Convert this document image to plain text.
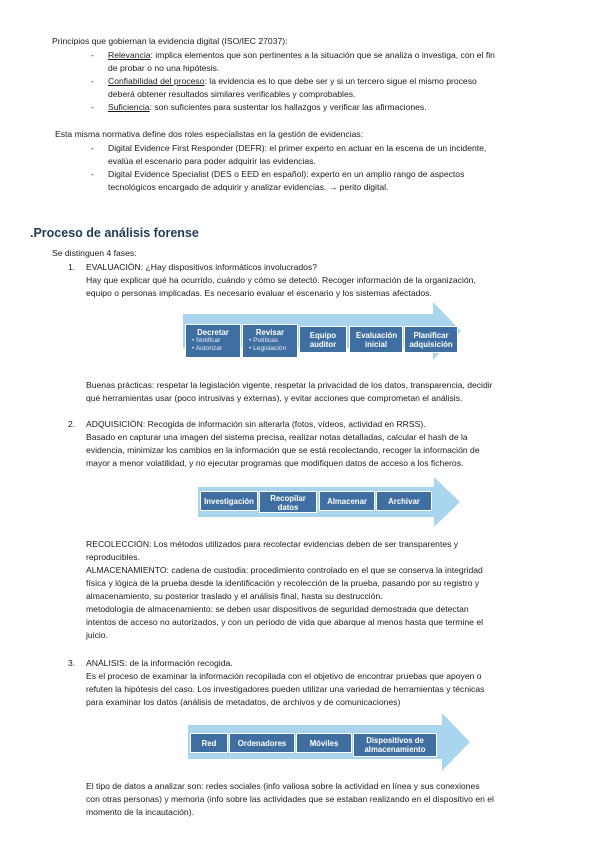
Principios que gobiernan la evidencia digital (ISO/IEC 27037):
- Relevancia: implica elementos que son pertinentes a la situación que se analiza o investiga, con el fin
de probar o no una hipótesis.
- Confiabilidad del proceso: la evidencia es lo que debe ser y si un tercero sigue el mismo proceso
deberá obtener resultados similares verificables y comprobables.
- Suficiencia: son suficientes para sustentar los hallazgos y verificar las afirmaciones.
Esta misma normativa define dos roles especialistas en la gestión de evidencias:
- Digital Evidence First Responder (DEFR): el primer experto en actuar en la escena de un incidente,
evalúa el escenario para poder adquirir las evidencias.
- Digital Evidence Specialist (DES o EED en español): experto en un amplio rango de aspectos
tecnológicos encargado de adquirir y analizar evidencias. → perito digital.
.Proceso de análisis forense
Se distinguen 4 fases:
1. EVALUACIÓN: ¿Hay dispositivos informáticos involucrados?
Hay que explicar qué ha ocurrido, cuándo y cómo se detectó. Recoger información de la organización,
equipo o personas implicadas. Es necesario evaluar el escenario y los sistemas afectados.
Decretar
• Notificar
• Autorizar
Revisar
• Políticas
• Legislación
Equipo auditor
Evaluación inicial
Planificar adquisición
Buenas prácticas: respetar la legislación vigente, respetar la privacidad de los datos, transparencia, decidir
qué herramientas usar (poco intrusivas y externas), y evitar acciones que comprometan el análisis.
2. ADQUISICIÓN: Recogida de información sin alterarla (fotos, vídeos, actividad en RRSS).
Basado en capturar una imagen del sistema precisa, realizar notas detalladas, calcular el hash de la
evidencia, minimizar los cambios en la información que se está recolectando, recoger la información de
mayor a menor volatilidad, y no ejecutar programas que modifiquen datos de acceso a los ficheros.
Investigación	Recopilar datos
Almacenar	Archivar
RECOLECCIÓN: Los métodos utilizados para recolectar evidencias deben de ser transparentes y
reproducibles.
ALMACENAMIENTO: cadena de custodia: procedimiento controlado en el que se conserva la integridad
física y lógica de la prueba desde la identificación y recolección de la prueba, pasando por su registro y
almacenamiento, su posterior traslado y el análisis final, hasta su destrucción.
metodología de almacenamiento: se deben usar dispositivos de seguridad demostrada que detectan
intentos de acceso no autorizados, y con un periodo de vida que abarque al menos hasta que termine el
juicio.
3. ANÁLISIS: de la información recogida.
Es el proceso de examinar la información recopilada con el objetivo de encontrar pruebas que apoyen o
refuten la hipótesis del caso. Los investigadores pueden utilizar una variedad de herramientas y técnicas
para examinar los datos (análisis de metadatos, de archivos y de comunicaciones)
Red	Ordenadores	Móviles	Dispositivos de almacenamiento
El tipo de datos a analizar son: redes sociales (info valiosa sobre la actividad en línea y sus conexiones
con otras personas) y memoria (info sobre las actividades que se estaban realizando en el dispositivo en el
momento de la incautación).
